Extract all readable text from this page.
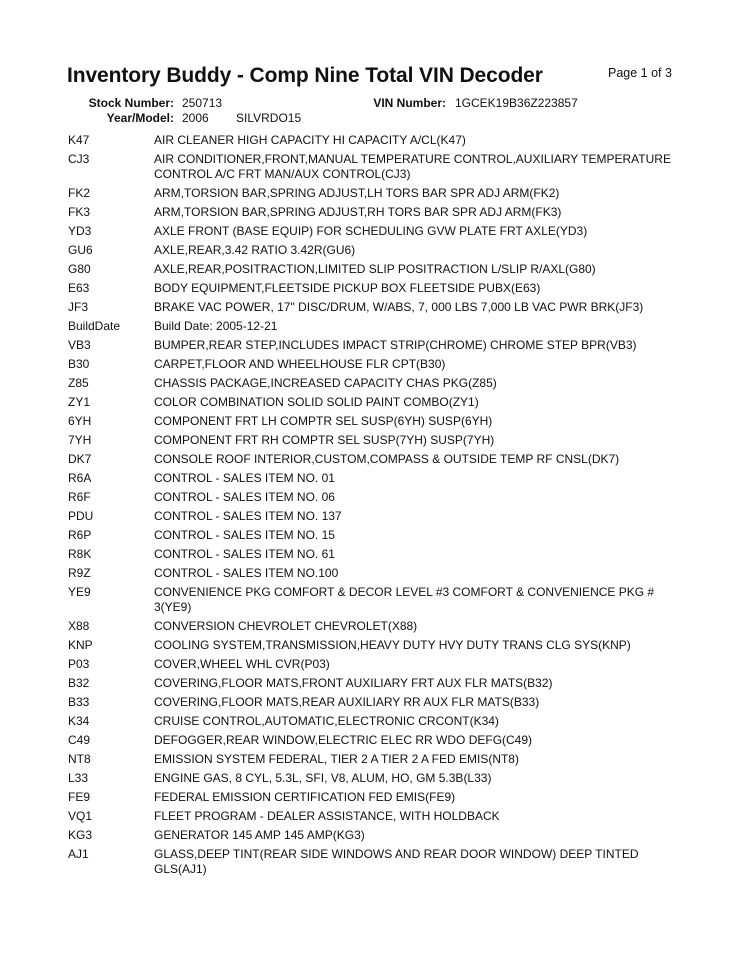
Inventory Buddy - Comp Nine Total VIN Decoder	Page 1 of 3
Stock Number: 250713	VIN Number: 1GCEK19B36Z223857
Year/Model: 2006 SILVRDO15
K47	AIR CLEANER HIGH CAPACITY HI CAPACITY A/CL(K47)
CJ3	AIR CONDITIONER,FRONT,MANUAL TEMPERATURE CONTROL,AUXILIARY TEMPERATURE CONTROL A/C FRT MAN/AUX CONTROL(CJ3)
FK2	ARM,TORSION BAR,SPRING ADJUST,LH TORS BAR SPR ADJ ARM(FK2)
FK3	ARM,TORSION BAR,SPRING ADJUST,RH TORS BAR SPR ADJ ARM(FK3)
YD3	AXLE FRONT (BASE EQUIP) FOR SCHEDULING GVW PLATE FRT AXLE(YD3)
GU6	AXLE,REAR,3.42 RATIO 3.42R(GU6)
G80	AXLE,REAR,POSITRACTION,LIMITED SLIP POSITRACTION L/SLIP R/AXL(G80)
E63	BODY EQUIPMENT,FLEETSIDE PICKUP BOX FLEETSIDE PUBX(E63)
JF3	BRAKE VAC POWER, 17" DISC/DRUM, W/ABS, 7, 000 LBS 7,000 LB VAC PWR BRK(JF3)
BuildDate	Build Date: 2005-12-21
VB3	BUMPER,REAR STEP,INCLUDES IMPACT STRIP(CHROME) CHROME STEP BPR(VB3)
B30	CARPET,FLOOR AND WHEELHOUSE FLR CPT(B30)
Z85	CHASSIS PACKAGE,INCREASED CAPACITY CHAS PKG(Z85)
ZY1	COLOR COMBINATION SOLID SOLID PAINT COMBO(ZY1)
6YH	COMPONENT FRT LH COMPTR SEL SUSP(6YH) SUSP(6YH)
7YH	COMPONENT FRT RH COMPTR SEL SUSP(7YH) SUSP(7YH)
DK7	CONSOLE ROOF INTERIOR,CUSTOM,COMPASS & OUTSIDE TEMP RF CNSL(DK7)
R6A	CONTROL - SALES ITEM NO. 01
R6F	CONTROL - SALES ITEM NO. 06
PDU	CONTROL - SALES ITEM NO. 137
R6P	CONTROL - SALES ITEM NO. 15
R8K	CONTROL - SALES ITEM NO. 61
R9Z	CONTROL - SALES ITEM NO.100
YE9	CONVENIENCE PKG COMFORT & DECOR LEVEL #3 COMFORT & CONVENIENCE PKG # 3(YE9)
X88	CONVERSION CHEVROLET CHEVROLET(X88)
KNP	COOLING SYSTEM,TRANSMISSION,HEAVY DUTY HVY DUTY TRANS CLG SYS(KNP)
P03	COVER,WHEEL WHL CVR(P03)
B32	COVERING,FLOOR MATS,FRONT AUXILIARY FRT AUX FLR MATS(B32)
B33	COVERING,FLOOR MATS,REAR AUXILIARY RR AUX FLR MATS(B33)
K34	CRUISE CONTROL,AUTOMATIC,ELECTRONIC CRCONT(K34)
C49	DEFOGGER,REAR WINDOW,ELECTRIC ELEC RR WDO DEFG(C49)
NT8	EMISSION SYSTEM FEDERAL, TIER 2 A TIER 2 A FED EMIS(NT8)
L33	ENGINE GAS, 8 CYL, 5.3L, SFI, V8, ALUM, HO, GM 5.3B(L33)
FE9	FEDERAL EMISSION CERTIFICATION FED EMIS(FE9)
VQ1	FLEET PROGRAM - DEALER ASSISTANCE, WITH HOLDBACK
KG3	GENERATOR 145 AMP 145 AMP(KG3)
AJ1	GLASS,DEEP TINT(REAR SIDE WINDOWS AND REAR DOOR WINDOW) DEEP TINTED GLS(AJ1)
